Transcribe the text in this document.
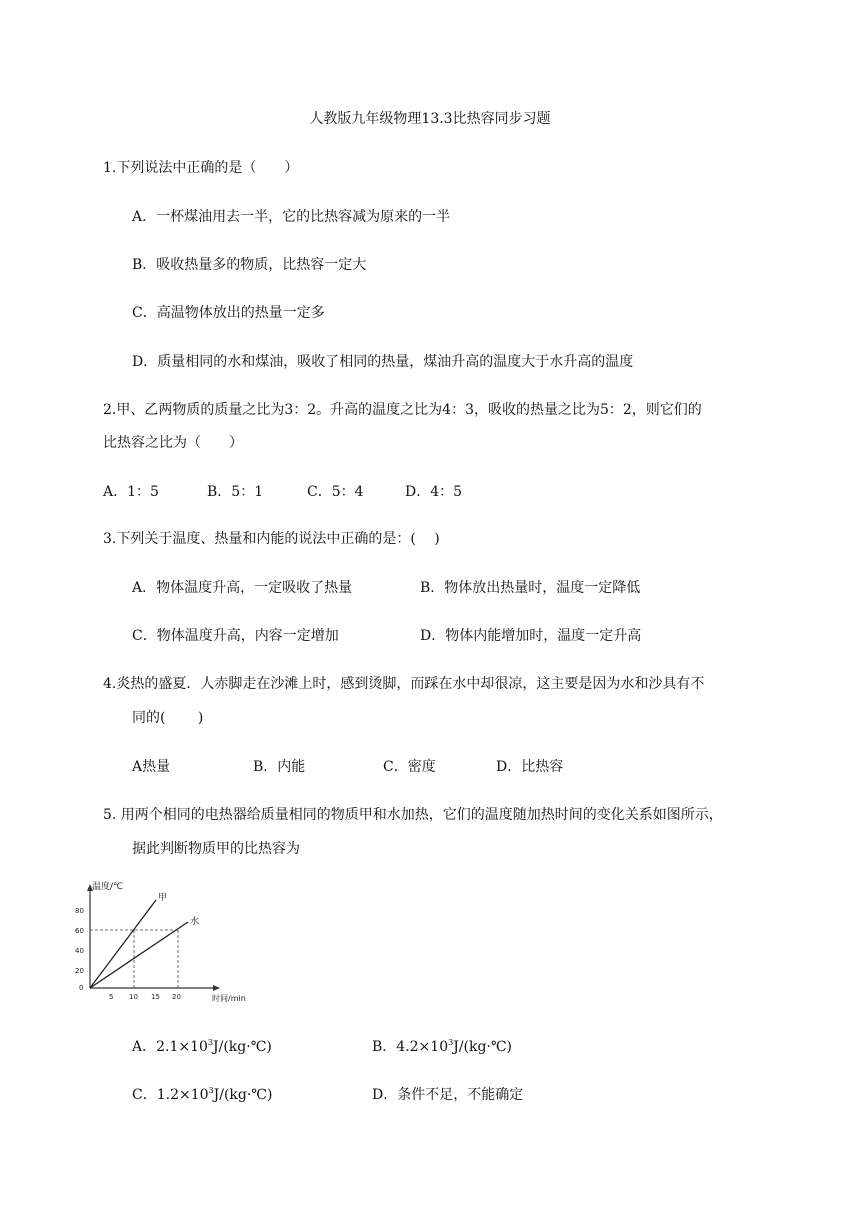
人教版九年级物理13.3比热容同步习题
1.下列说法中正确的是（　　）
A．一杯煤油用去一半，它的比热容减为原来的一半
B．吸收热量多的物质，比热容一定大
C．高温物体放出的热量一定多
D．质量相同的水和煤油，吸收了相同的热量，煤油升高的温度大于水升高的温度
2.甲、乙两物质的质量之比为3：2。升高的温度之比为4：3，吸收的热量之比为5：2，则它们的
比热容之比为（　　）
A．1：5	B．5：1	C．5：4	D．4：5
3.下列关于温度、热量和内能的说法中正确的是：(　 )
A．物体温度升高，一定吸收了热量	B．物体放出热量时，温度一定降低
C．物体温度升高，内容一定增加	D．物体内能增加时，温度一定升高
4.炎热的盛夏．人赤脚走在沙滩上时，感到烫脚，而踩在水中却很凉，这主要是因为水和沙具有不
同的(　　 )
A热量	B．内能	C．密度	D．比热容
5. 用两个相同的电热器给质量相同的物质甲和水加热，它们的温度随加热时间的变化关系如图所示，
据此判断物质甲的比热容为
温度/℃
时间/min
甲
水
80
60
40
20
0
5 10 15 20
A．$2.1\times 10^3J/(kg\cdot℃)$	B．$4.2\times 10^3J/(kg\cdot℃)$
C．$1.2\times 10^3J/(kg\cdot℃)$	D．条件不足，不能确定
